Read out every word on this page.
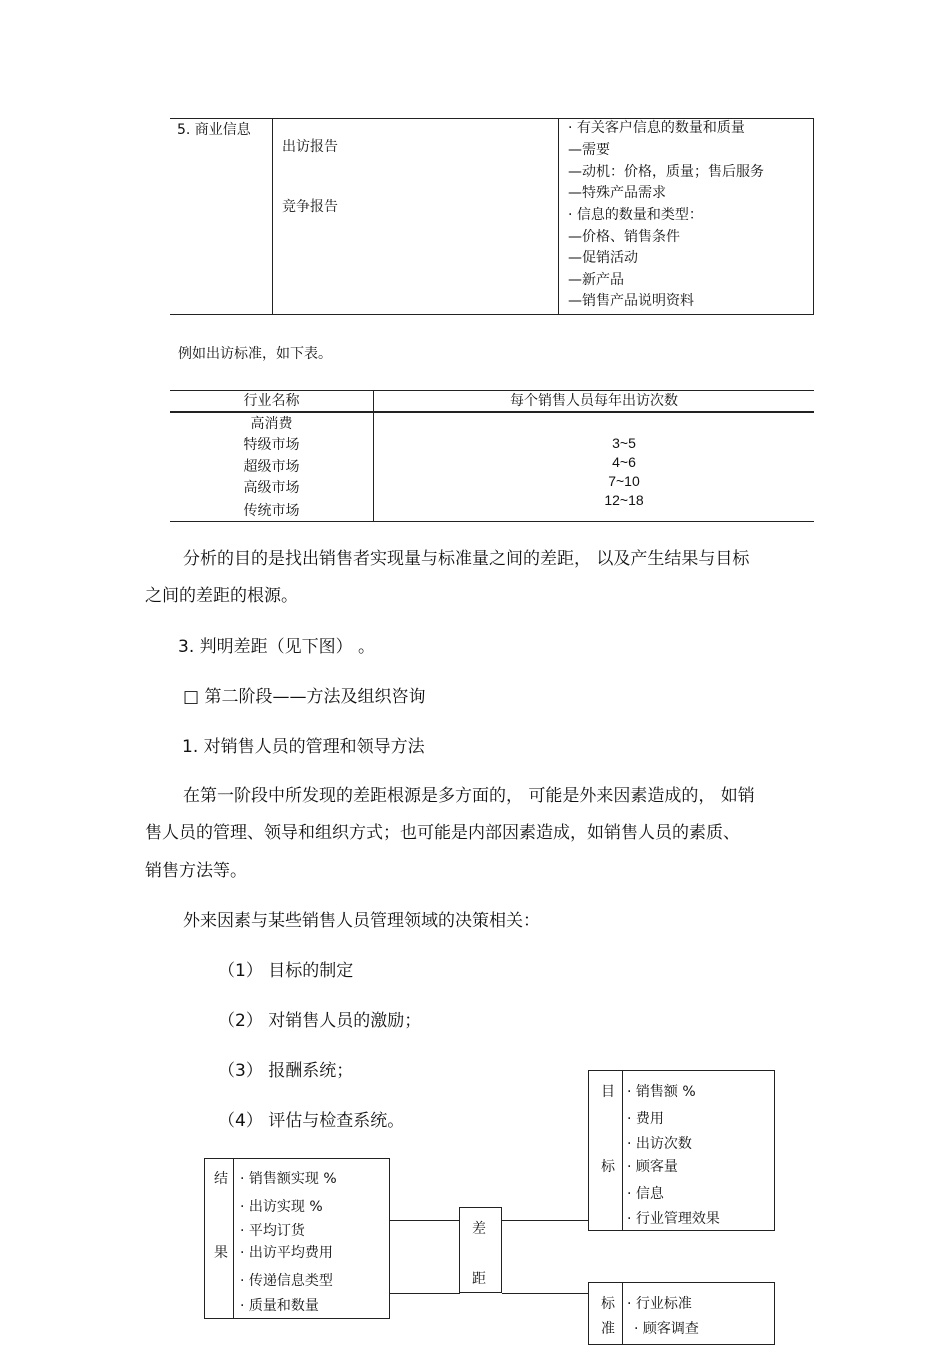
5. 商业信息
出访报告
竞争报告
· 有关客户信息的数量和质量
—需要
—动机：价格，质量；售后服务
—特殊产品需求
· 信息的数量和类型：
—价格、销售条件
—促销活动
—新产品
—销售产品说明资料
例如出访标准，如下表。
行业名称	每个销售人员每年出访次数
高消费
特级市场
超级市场
高级市场
传统市场
3~5
4~6
7~10
12~18
分析的目的是找出销售者实现量与标准量之间的差距， 以及产生结果与目标
之间的差距的根源。
3. 判明差距（见下图） 。
□ 第二阶段——方法及组织咨询
1. 对销售人员的管理和领导方法
在第一阶段中所发现的差距根源是多方面的， 可能是外来因素造成的， 如销
售人员的管理、领导和组织方式；也可能是内部因素造成，如销售人员的素质、
销售方法等。
外来因素与某些销售人员管理领域的决策相关：
（1） 目标的制定
（2） 对销售人员的激励；
（3） 报酬系统；
（4） 评估与检查系统。
结
果
· 销售额实现 %
· 出访实现 %
· 平均订货
· 出访平均费用
· 传递信息类型
· 质量和数量
差
距
目
标
· 销售额 %
· 费用
· 出访次数
· 顾客量
· 信息
· 行业管理效果
标
准
· 行业标准
· 顾客调查
